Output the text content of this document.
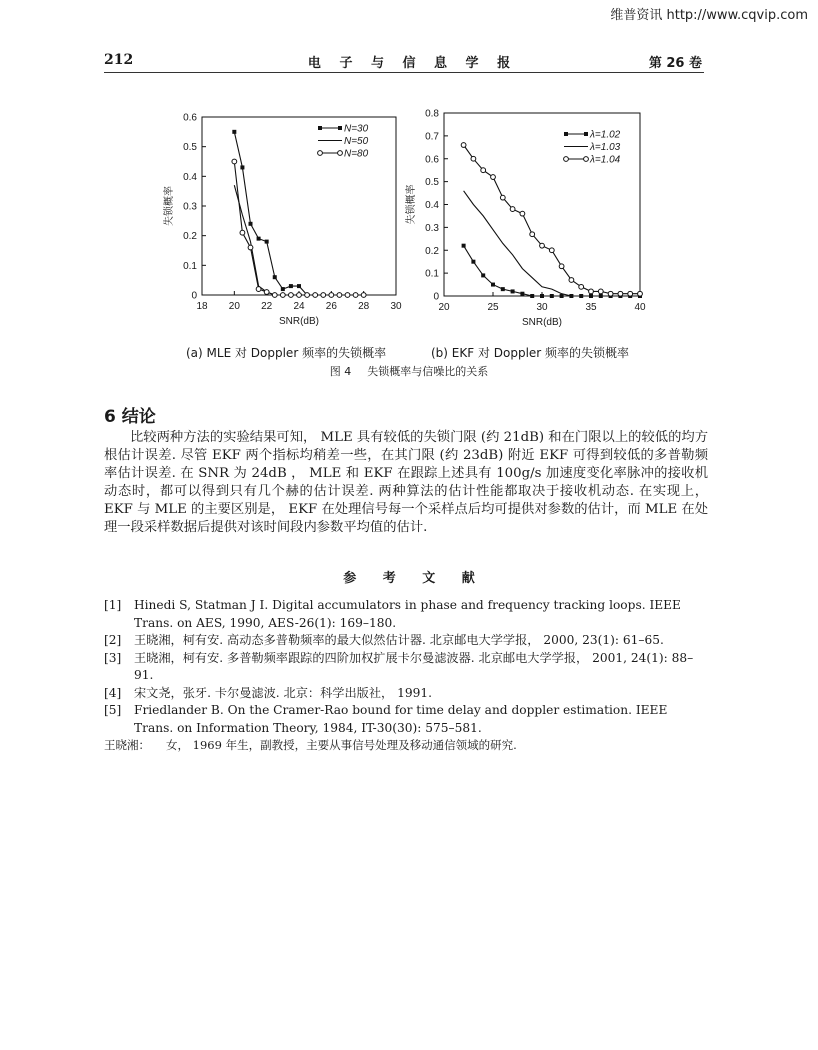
维普资讯 http://www.cqvip.com
212	电 子 与 信 息 学 报	第 26 卷
18 20 22 24 26 28 30
0
0.1
0.2
0.3
0.4
0.5
0.6
SNR(dB)
失锁概率
N=30
N=50
N=80
20	25	30	35	40
0
0.1
0.2
0.3
0.4
0.5
0.6
0.7
0.8
SNR(dB)
失锁概率
λ=1.02
λ=1.03
λ=1.04
(a) MLE 对 Doppler 频率的失锁概率	(b) EKF 对 Doppler 频率的失锁概率
图 4 失锁概率与信噪比的关系
6 结论

比较两种方法的实验结果可知， MLE 具有较低的失锁门限 (约 21dB) 和在门限以上的较低的均方根估计误差. 尽管 EKF 两个指标均稍差一些，在其门限 (约 23dB) 附近 EKF 可得到较低的多普勒频率估计误差. 在 SNR 为 24dB ， MLE 和 EKF 在跟踪上述具有 100g/s 加速度变化率脉冲的接收机动态时，都可以得到只有几个赫的估计误差. 两种算法的估计性能都取决于接收机动态. 在实现上， EKF 与 MLE 的主要区别是， EKF 在处理信号每一个采样点后均可提供对参数的估计，而 MLE 在处理一段采样数据后提供对该时间段内参数平均值的估计.

参 考 文 献
[1] Hinedi S, Statman J I. Digital accumulators in phase and frequency tracking loops. IEEE Trans. on AES, 1990, AES-26(1): 169–180.
[2] 王晓湘，柯有安. 高动态多普勒频率的最大似然估计器. 北京邮电大学学报， 2000, 23(1): 61–65.
[3] 王晓湘，柯有安. 多普勒频率跟踪的四阶加权扩展卡尔曼滤波器. 北京邮电大学学报， 2001, 24(1): 88–91.
[4] 宋文尧，张牙. 卡尔曼滤波. 北京：科学出版社， 1991.
[5] Friedlander B. On the Cramer-Rao bound for time delay and doppler estimation. IEEE Trans. on Information Theory, 1984, IT-30(30): 575–581.
王晓湘： 女， 1969 年生，副教授，主要从事信号处理及移动通信领域的研究.
